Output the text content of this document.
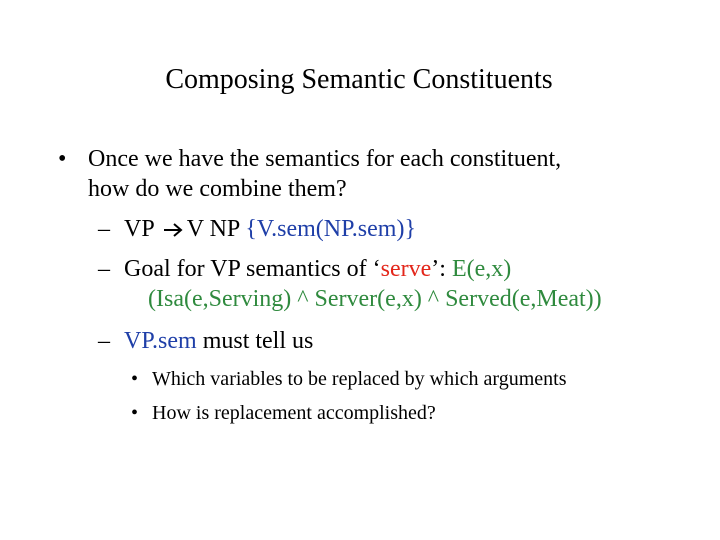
Composing Semantic Constituents
• Once we have the semantics for each constituent,
how do we combine them?
– VP V NP {V.sem(NP.sem)}
– Goal for VP semantics of ‘serve’: E(e,x)
(Isa(e,Serving) ^ Server(e,x) ^ Served(e,Meat))
– VP.sem must tell us
• Which variables to be replaced by which arguments
• How is replacement accomplished?
